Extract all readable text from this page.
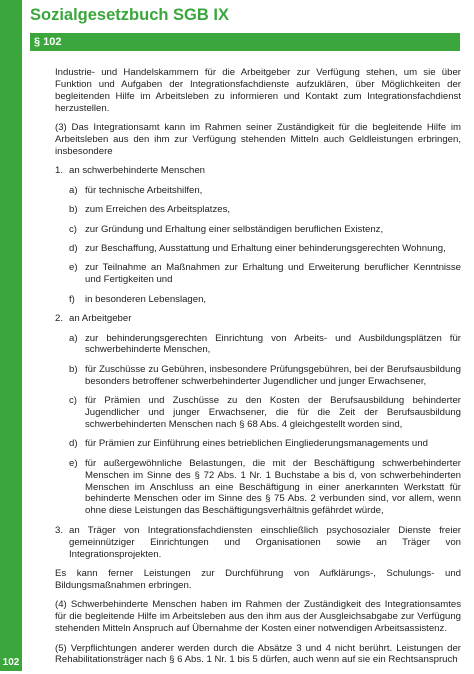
Sozialgesetzbuch SGB IX
§ 102

Industrie- und Handelskammern für die Arbeitgeber zur Verfügung stehen, um sie über Funktion und Aufgaben der Integrationsfachdienste aufzuklären, über Möglichkeiten der begleitenden Hilfe im Arbeitsleben zu informieren und Kontakt zum Integrationsfachdienst herzustellen.

(3) Das Integrationsamt kann im Rahmen seiner Zuständigkeit für die begleitende Hilfe im Arbeitsleben aus den ihm zur Verfügung stehenden Mitteln auch Geldleistungen erbringen, insbesondere

1. an schwerbehinderte Menschen
a) für technische Arbeitshilfen,
b) zum Erreichen des Arbeitsplatzes,
c) zur Gründung und Erhaltung einer selbständigen beruflichen Existenz,
d) zur Beschaffung, Ausstattung und Erhaltung einer behinderungsgerechten Wohnung,
e) zur Teilnahme an Maßnahmen zur Erhaltung und Erweiterung beruflicher Kenntnisse und Fertigkeiten und
f)	in besonderen Lebenslagen,
2. an Arbeitgeber
a) zur behinderungsgerechten Einrichtung von Arbeits- und Ausbildungsplätzen für schwerbehinderte Menschen,
b) für Zuschüsse zu Gebühren, insbesondere Prüfungsgebühren, bei der Berufsausbildung besonders betroffener schwerbehinderter Jugendlicher und junger Erwachsener,
c) für Prämien und Zuschüsse zu den Kosten der Berufsausbildung behinderter Jugendlicher und junger Erwachsener, die für die Zeit der Berufsausbildung schwerbehinderten Menschen nach § 68 Abs. 4 gleichgestellt worden sind,
d) für Prämien zur Einführung eines betrieblichen Eingliederungsmanagements und
e) für außergewöhnliche Belastungen, die mit der Beschäftigung schwerbehinderter Menschen im Sinne des § 72 Abs. 1 Nr. 1 Buchstabe a bis d, von schwerbehinderten Menschen im Anschluss an eine Beschäftigung in einer anerkannten Werkstatt für behinderte Menschen oder im Sinne des § 75 Abs. 2 verbunden sind, vor allem, wenn ohne diese Leistungen das Beschäftigungsverhältnis gefährdet würde,
3. an Träger von Integrationsfachdiensten einschließlich psychosozialer Dienste freier gemeinnütziger Einrichtungen und Organisationen sowie an Träger von Integrationsprojekten.

Es kann ferner Leistungen zur Durchführung von Aufklärungs-, Schulungs- und Bildungsmaßnahmen erbringen.

(4) Schwerbehinderte Menschen haben im Rahmen der Zuständigkeit des Integrationsamtes für die begleitende Hilfe im Arbeitsleben aus den ihm aus der Ausgleichsabgabe zur Verfügung stehenden Mitteln Anspruch auf Übernahme der Kosten einer notwendigen Arbeitsassistenz.

(5) Verpflichtungen anderer werden durch die Absätze 3 und 4 nicht berührt. Leistungen der Rehabilitationsträger nach § 6 Abs. 1 Nr. 1 bis 5 dürfen, auch wenn auf sie ein Rechtsanspruch

102
